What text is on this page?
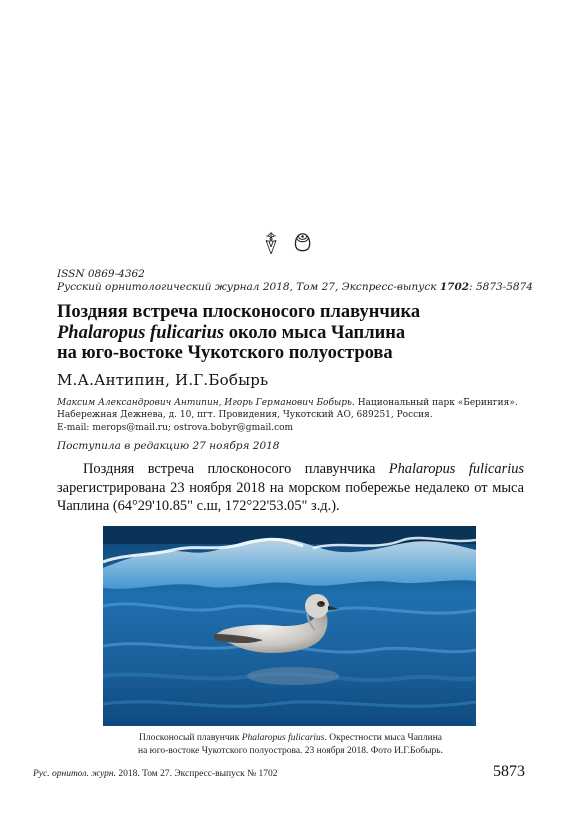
࿈ ࿉
ISSN 0869-4362
Русский орнитологический журнал 2018, Том 27, Экспресс-выпуск 1702: 5873-5874
Поздняя встреча плосконосого плавунчика
Phalaropus fulicarius около мыса Чаплина
на юго-востоке Чукотского полуострова
М.А.Антипин, И.Г.Бобырь
Максим Александрович Антипин, Игорь Германович Бобырь. Национальный парк «Берингия».
Набережная Дежнева, д. 10, пгт. Провидения, Чукотский АО, 689251, Россия.
E-mail: merops@mail.ru; ostrova.bobyr@gmail.com
Поступила в редакцию 27 ноября 2018
Поздняя встреча плосконосого плавунчика Phalaropus fulicarius зарегистрирована 23 ноября 2018 на морском побережье недалеко от мыса Чаплина (64°29'10.85" с.ш, 172°22'53.05" з.д.).
Плосконосый плавунчик Phalaropus fulicarius. Окрестности мыса Чаплина
на юго-востоке Чукотского полуострова. 23 ноября 2018. Фото И.Г.Бобырь.
Рус. орнитол. журн. 2018. Том 27. Экспресс-выпуск № 1702	5873
